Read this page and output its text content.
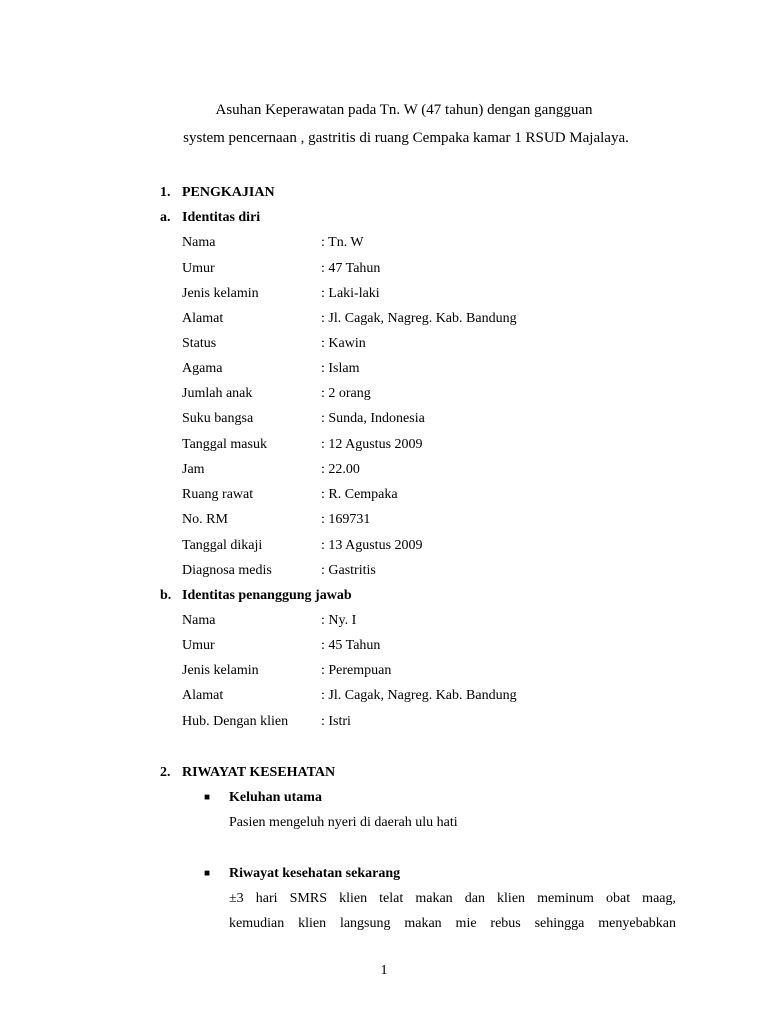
Asuhan Keperawatan pada Tn. W (47 tahun) dengan gangguan
system pencernaan , gastritis di ruang Cempaka kamar 1 RSUD Majalaya.
1. PENGKAJIAN
a. Identitas diri
Nama	: Tn. W
Umur	: 47 Tahun
Jenis kelamin	: Laki-laki
Alamat	: Jl. Cagak, Nagreg. Kab. Bandung
Status	: Kawin
Agama	: Islam
Jumlah anak	: 2 orang
Suku bangsa	: Sunda, Indonesia
Tanggal masuk	: 12 Agustus 2009
Jam	: 22.00
Ruang rawat	: R. Cempaka
No. RM	: 169731
Tanggal dikaji	: 13 Agustus 2009
Diagnosa medis	: Gastritis
b. Identitas penanggung jawab
Nama	: Ny. I
Umur	: 45 Tahun
Jenis kelamin	: Perempuan
Alamat	: Jl. Cagak, Nagreg. Kab. Bandung
Hub. Dengan klien : Istri
2. RIWAYAT KESEHATAN
■ Keluhan utama
Pasien mengeluh nyeri di daerah ulu hati
■ Riwayat kesehatan sekarang
±3 hari SMRS klien telat makan dan klien meminum obat maag,
kemudian klien langsung makan mie rebus sehingga menyebabkan
1
